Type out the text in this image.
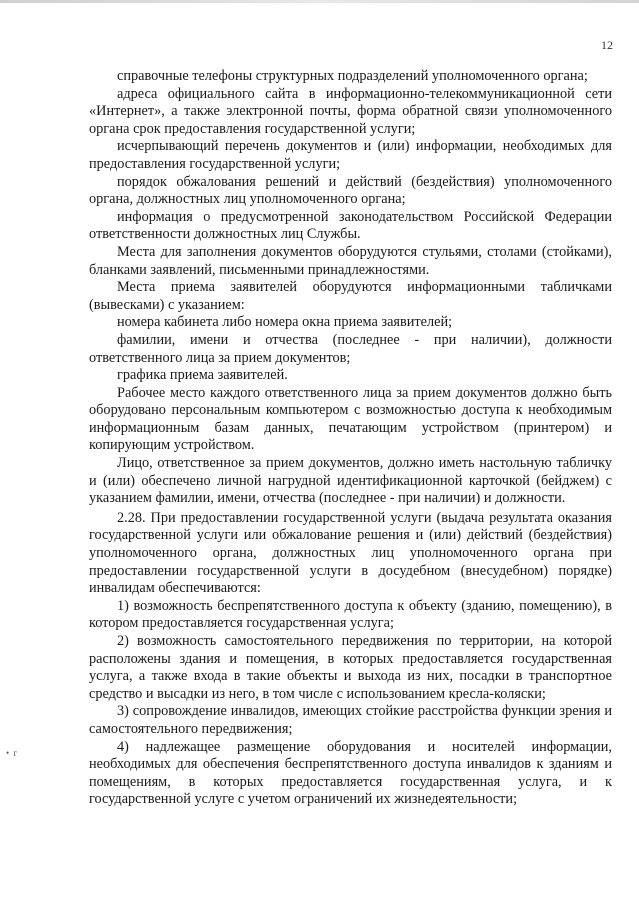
12
• г

справочные телефоны структурных подразделений уполномоченного органа;

адреса официального сайта в информационно-телекоммуникационной сети «Интернет», а также электронной почты, форма обратной связи уполномоченного органа срок предоставления государственной услуги;

исчерпывающий перечень документов и (или) информации, необходимых для предоставления государственной услуги;

порядок обжалования решений и действий (бездействия) уполномоченного органа, должностных лиц уполномоченного органа;

информация о предусмотренной законодательством Российской Федерации ответственности должностных лиц Службы.

Места для заполнения документов оборудуются стульями, столами (стойками), бланками заявлений, письменными принадлежностями.

Места приема заявителей оборудуются информационными табличками (вывесками) с указанием:

номера кабинета либо номера окна приема заявителей;

фамилии, имени и отчества (последнее - при наличии), должности ответственного лица за прием документов;

графика приема заявителей.

Рабочее место каждого ответственного лица за прием документов должно быть оборудовано персональным компьютером с возможностью доступа к необходимым информационным базам данных, печатающим устройством (принтером) и копирующим устройством.

Лицо, ответственное за прием документов, должно иметь настольную табличку и (или) обеспечено личной нагрудной идентификационной карточкой (бейджем) с указанием фамилии, имени, отчества (последнее - при наличии) и должности.

2.28. При предоставлении государственной услуги (выдача результата оказания государственной услуги или обжалование решения и (или) действий (бездействия) уполномоченного органа, должностных лиц уполномоченного органа при предоставлении государственной услуги в досудебном (внесудебном) порядке) инвалидам обеспечиваются:

1) возможность беспрепятственного доступа к объекту (зданию, помещению), в котором предоставляется государственная услуга;

2) возможность самостоятельного передвижения по территории, на которой расположены здания и помещения, в которых предоставляется государственная услуга, а также входа в такие объекты и выхода из них, посадки в транспортное средство и высадки из него, в том числе с использованием кресла-коляски;

3) сопровождение инвалидов, имеющих стойкие расстройства функции зрения и самостоятельного передвижения;

4) надлежащее размещение оборудования и носителей информации, необходимых для обеспечения беспрепятственного доступа инвалидов к зданиям и помещениям, в которых предоставляется государственная услуга, и к государственной услуге с учетом ограничений их жизнедеятельности;
